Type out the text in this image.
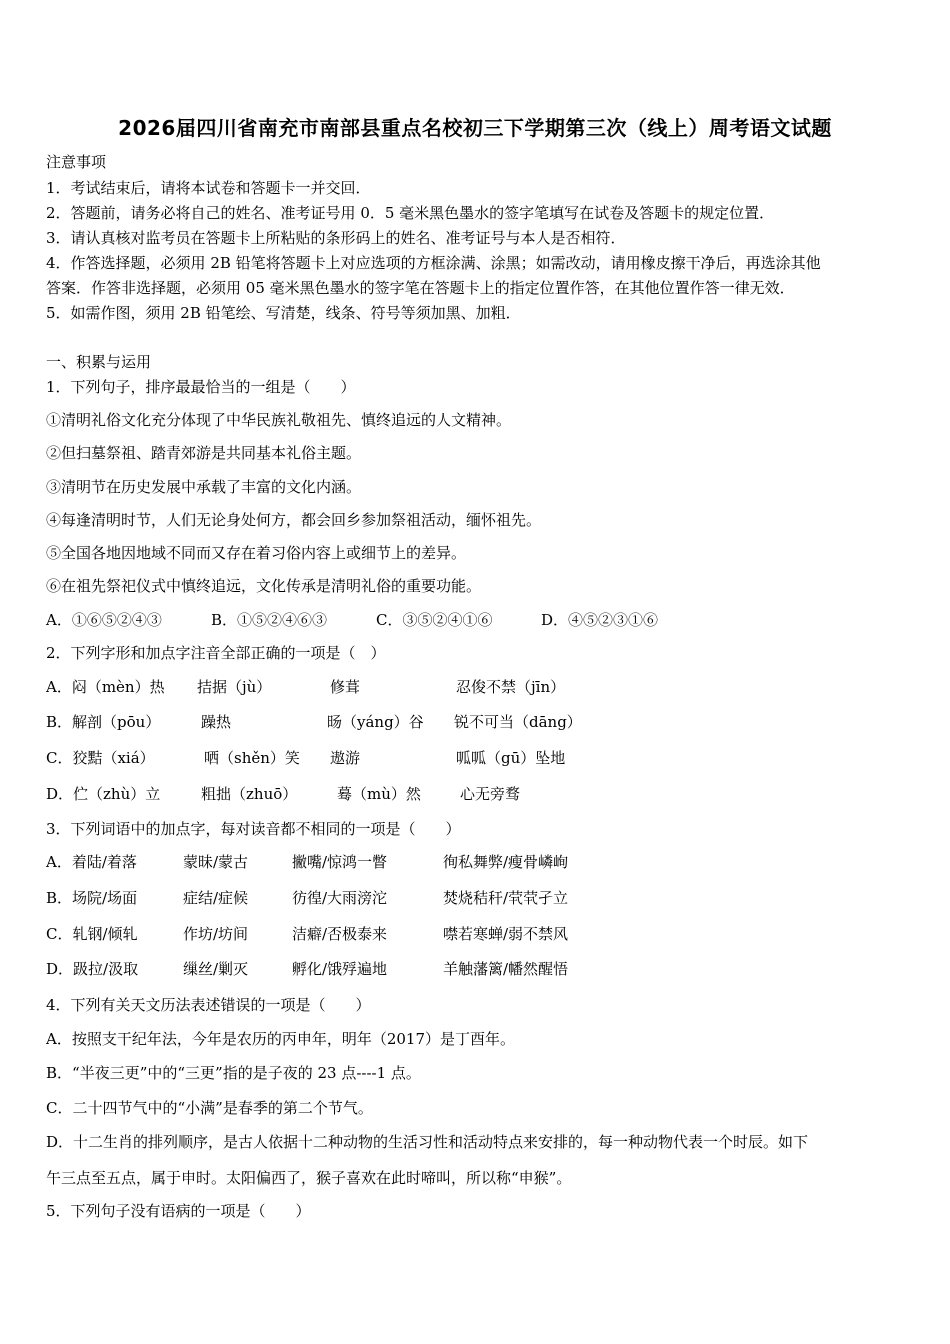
2026届四川省南充市南部县重点名校初三下学期第三次（线上）周考语文试题
注意事项
1．考试结束后，请将本试卷和答题卡一并交回．
2．答题前，请务必将自己的姓名、准考证号用 0．5 毫米黑色墨水的签字笔填写在试卷及答题卡的规定位置．
3．请认真核对监考员在答题卡上所粘贴的条形码上的姓名、准考证号与本人是否相符．
4．作答选择题，必须用 2B 铅笔将答题卡上对应选项的方框涂满、涂黑；如需改动，请用橡皮擦干净后，再选涂其他
答案．作答非选择题，必须用 05 毫米黑色墨水的签字笔在答题卡上的指定位置作答，在其他位置作答一律无效．
5．如需作图，须用 2B 铅笔绘、写清楚，线条、符号等须加黑、加粗．
一、积累与运用
1．下列句子，排序最最恰当的一组是（　　）
①清明礼俗文化充分体现了中华民族礼敬祖先、慎终追远的人文精神。
②但扫墓祭祖、踏青郊游是共同基本礼俗主题。
③清明节在历史发展中承载了丰富的文化内涵。
④每逢清明时节，人们无论身处何方，都会回乡参加祭祖活动，缅怀祖先。
⑤全国各地因地域不同而又存在着习俗内容上或细节上的差异。
⑥在祖先祭祀仪式中慎终追远，文化传承是清明礼俗的重要功能。
A．①⑥⑤②④③	B．①⑤②④⑥③	C．③⑤②④①⑥	D．④⑤②③①⑥
2．下列字形和加点字注音全部正确的一项是（　）
A．闷（mèn）热 拮据（jù）	修葺	忍俊不禁（jīn）
B．解剖（pōu）	躁热	旸（yáng）谷 锐不可当（dāng）
C．狡黠（xiá）	哂（shěn）笑 遨游	呱呱（gū）坠地
D．伫（zhù）立	粗拙（zhuō）	蓦（mù）然	心无旁骛
3．下列词语中的加点字，每对读音都不相同的一项是（　　）
A．着陆/着落	蒙昧/蒙古	撇嘴/惊鸿一瞥	徇私舞弊/瘦骨嶙峋
B．场院/场面	症结/症候	彷徨/大雨滂沱	焚烧秸秆/茕茕孑立
C．轧钢/倾轧	作坊/坊间	洁癖/否极泰来	噤若寒蝉/弱不禁风
D．趿拉/汲取	缫丝/剿灭	孵化/饿殍遍地	羊触藩篱/幡然醒悟
4．下列有关天文历法表述错误的一项是（　　）
A．按照支干纪年法，今年是农历的丙申年，明年（2017）是丁酉年。
B．“半夜三更”中的“三更”指的是子夜的 23 点----1 点。
C．二十四节气中的“小满”是春季的第二个节气。
D．十二生肖的排列顺序，是古人依据十二种动物的生活习性和活动特点来安排的，每一种动物代表一个时辰。如下
午三点至五点，属于申时。太阳偏西了，猴子喜欢在此时啼叫，所以称“申猴”。
5．下列句子没有语病的一项是（　　）
